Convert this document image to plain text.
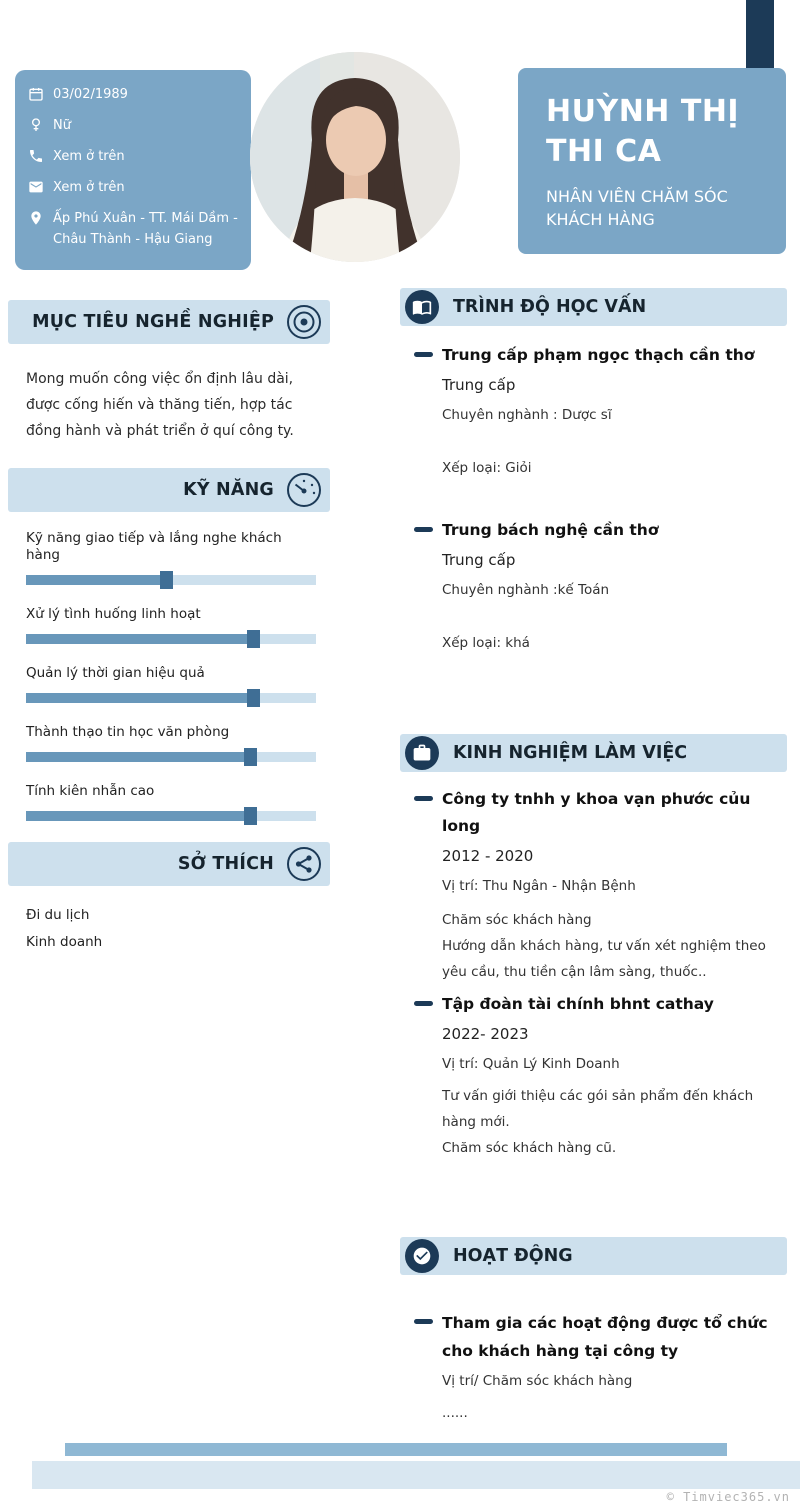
03/02/1989
Nữ
Xem ở trên
Xem ở trên
Ấp Phú Xuân - TT. Mái Dầm - Châu Thành - Hậu Giang
HUỲNH THỊ
THI CA
NHÂN VIÊN CHĂM SÓC KHÁCH HÀNG
MỤC TIÊU NGHỀ NGHIỆP
Mong muốn công việc ổn định lâu dài, được cống hiến và thăng tiến, hợp tác đồng hành và phát triển ở quí công ty.
KỸ NĂNG
Kỹ năng giao tiếp và lắng nghe khách hàng
Xử lý tình huống linh hoạt
Quản lý thời gian hiệu quả
Thành thạo tin học văn phòng
Tính kiên nhẫn cao
SỞ THÍCH
Đi du lịch
Kinh doanh
TRÌNH ĐỘ HỌC VẤN
Trung cấp phạm ngọc thạch cần thơ
Trung cấp
Chuyên nghành : Dược sĩ
Xếp loại: Giỏi
Trung bách nghệ cần thơ
Trung cấp
Chuyên nghành :kế Toán
Xếp loại: khá
KINH NGHIỆM LÀM VIỆC
Công ty tnhh y khoa vạn phước củu long
2012 - 2020
Vị trí: Thu Ngân - Nhận Bệnh
Chăm sóc khách hàng
Hướng dẫn khách hàng, tư vấn xét nghiệm theo yêu cầu, thu tiền cận lâm sàng, thuốc..
Tập đoàn tài chính bhnt cathay
2022- 2023
Vị trí: Quản Lý Kinh Doanh
Tư vấn giới thiệu các gói sản phẩm đến khách hàng mới.
Chăm sóc khách hàng cũ.
HOẠT ĐỘNG
Tham gia các hoạt động được tổ chức cho khách hàng tại công ty
Vị trí/ Chăm sóc khách hàng
......
© Timviec365.vn
